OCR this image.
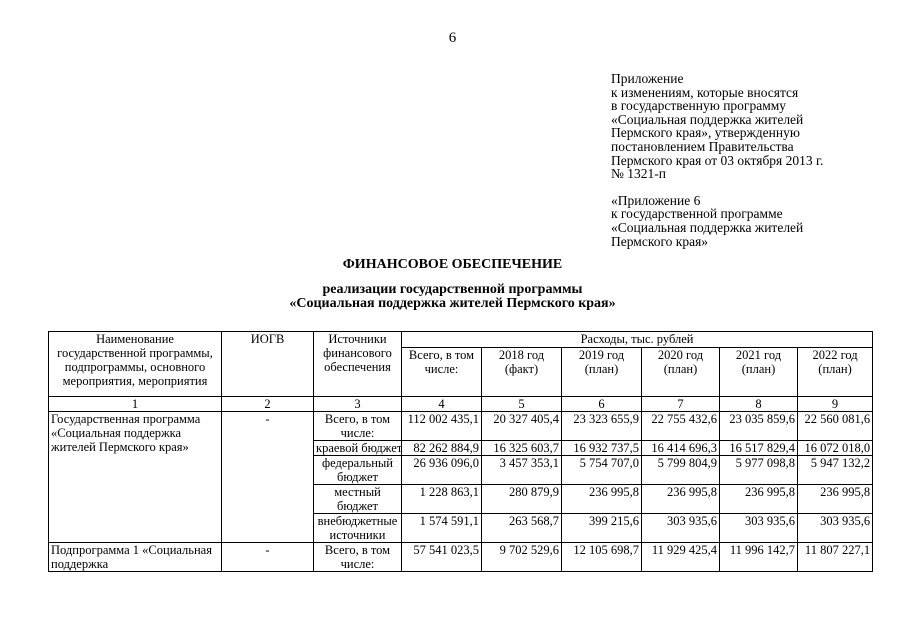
6
Приложение
к изменениям, которые вносятся
в государственную программу
«Социальная поддержка жителей
Пермского края», утвержденную
постановлением Правительства
Пермского края от 03 октября 2013 г.
№ 1321-п
«Приложение 6
к государственной программе
«Социальная поддержка жителей
Пермского края»
ФИНАНСОВОЕ ОБЕСПЕЧЕНИЕ
реализации государственной программы
«Социальная поддержка жителей Пермского края»
Наименование государственной программы, подпрограммы, основного мероприятия, мероприятия	ИОГВ	Источники финансового обеспечения	Расходы, тыс. рублей					
			Всего, в том числе:	2018 год (факт)	2019 год (план)	2020 год (план)	2021 год (план)	2022 год (план)
1	2	3	4	5	6	7	8	9
Государственная программа «Социальная поддержка жителей Пермского края»	-	Всего, в том числе:	112 002 435,1	20 327 405,4	23 323 655,9	22 755 432,6	23 035 859,6	22 560 081,6
		краевой бюджет	82 262 884,9	16 325 603,7	16 932 737,5	16 414 696,3	16 517 829,4	16 072 018,0
		федеральный бюджет	26 936 096,0	3 457 353,1	5 754 707,0	5 799 804,9	5 977 098,8	5 947 132,2
		местный бюджет	1 228 863,1	280 879,9	236 995,8	236 995,8	236 995,8	236 995,8
		внебюджетные источники	1 574 591,1	263 568,7	399 215,6	303 935,6	303 935,6	303 935,6
Подпрограмма 1 «Социальная поддержка	-	Всего, в том числе:	57 541 023,5	9 702 529,6	12 105 698,7	11 929 425,4	11 996 142,7	11 807 227,1
